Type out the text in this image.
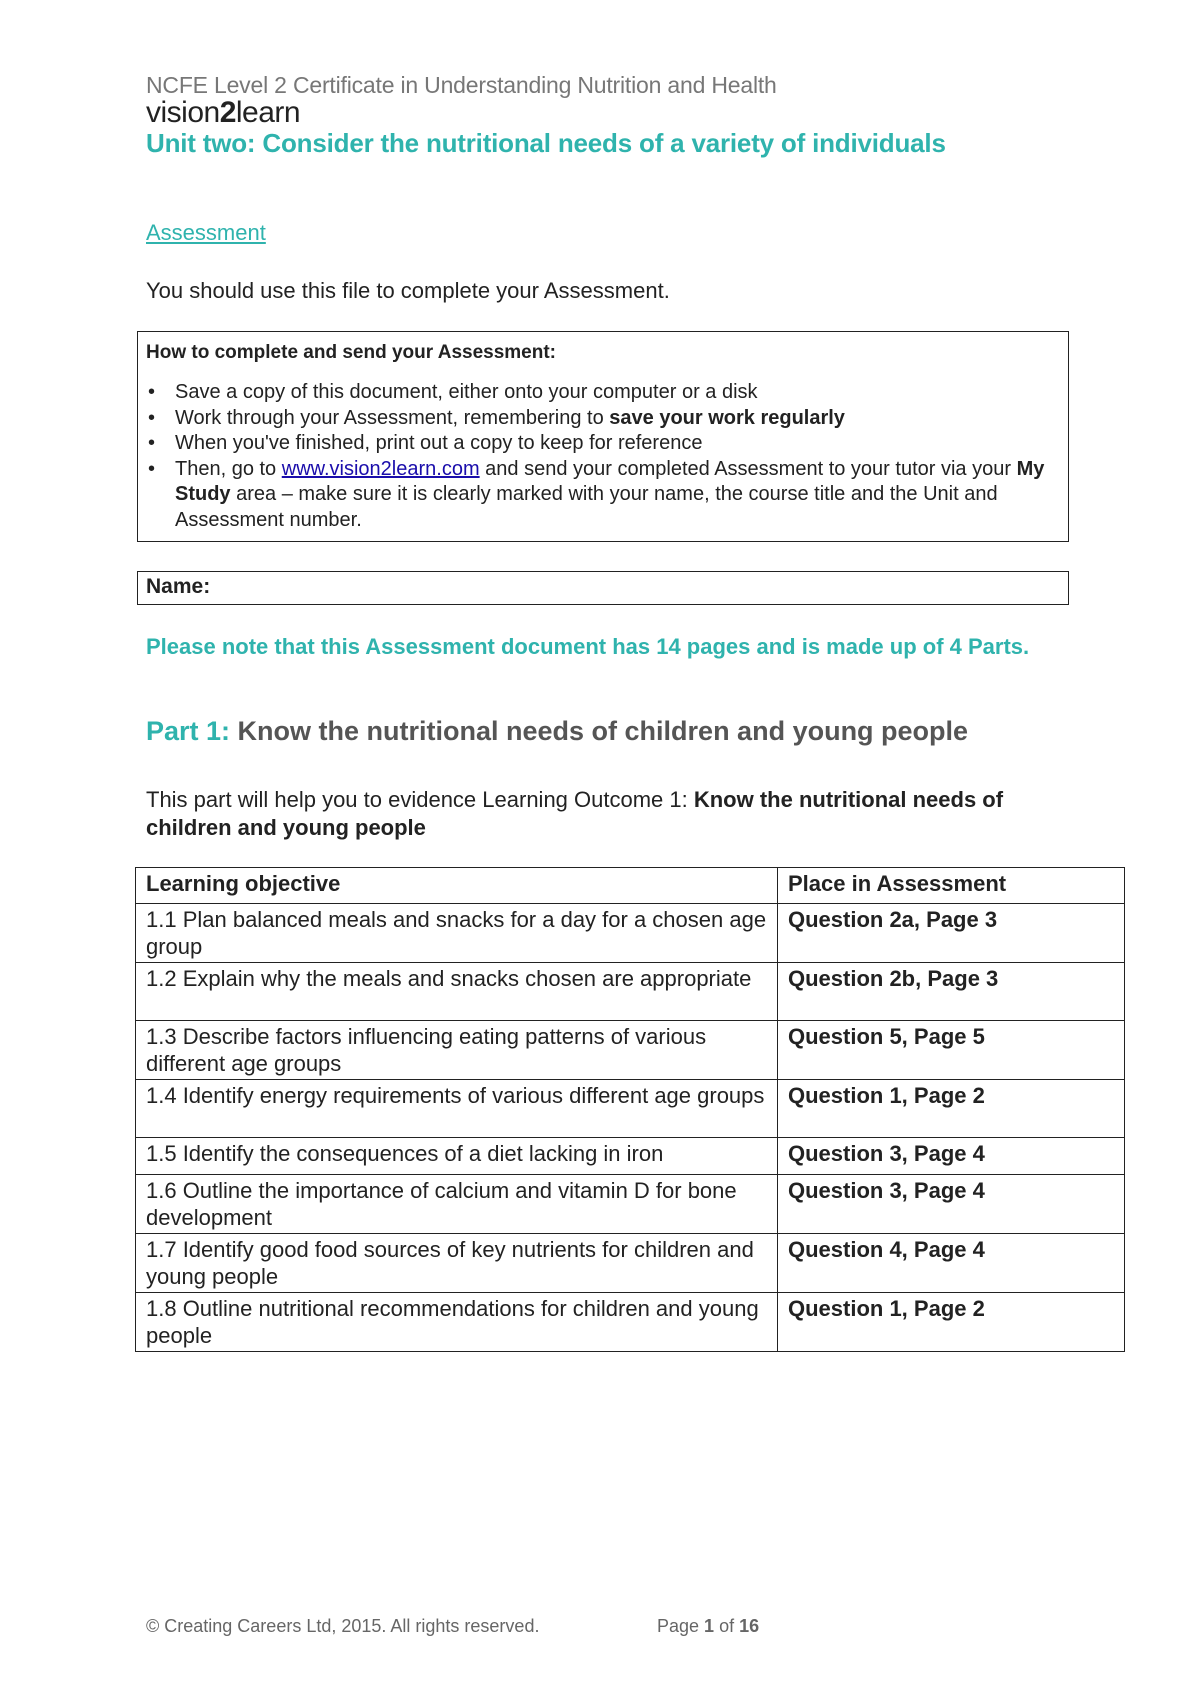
NCFE Level 2 Certificate in Understanding Nutrition and Health
vision2learn
Unit two: Consider the nutritional needs of a variety of individuals
Assessment
You should use this file to complete your Assessment.
How to complete and send your Assessment:
• Save a copy of this document, either onto your computer or a disk
• Work through your Assessment, remembering to save your work regularly
• When you've finished, print out a copy to keep for reference
• Then, go to www.vision2learn.com and send your completed Assessment to your tutor via your My Study area – make sure it is clearly marked with your name, the course title and the Unit and Assessment number.
Name:
Please note that this Assessment document has 14 pages and is made up of 4 Parts.
Part 1: Know the nutritional needs of children and young people
This part will help you to evidence Learning Outcome 1: Know the nutritional needs of children and young people
Learning objective	Place in Assessment
1.1 Plan balanced meals and snacks for a day for a chosen age group	Question 2a, Page 3
1.2 Explain why the meals and snacks chosen are appropriate	Question 2b, Page 3
1.3 Describe factors influencing eating patterns of various different age groups	Question 5, Page 5
1.4 Identify energy requirements of various different age groups	Question 1, Page 2
1.5 Identify the consequences of a diet lacking in iron	Question 3, Page 4
1.6 Outline the importance of calcium and vitamin D for bone development	Question 3, Page 4
1.7 Identify good food sources of key nutrients for children and young people	Question 4, Page 4
1.8 Outline nutritional recommendations for children and young people	Question 1, Page 2
© Creating Careers Ltd, 2015. All rights reserved.	Page 1 of 16
